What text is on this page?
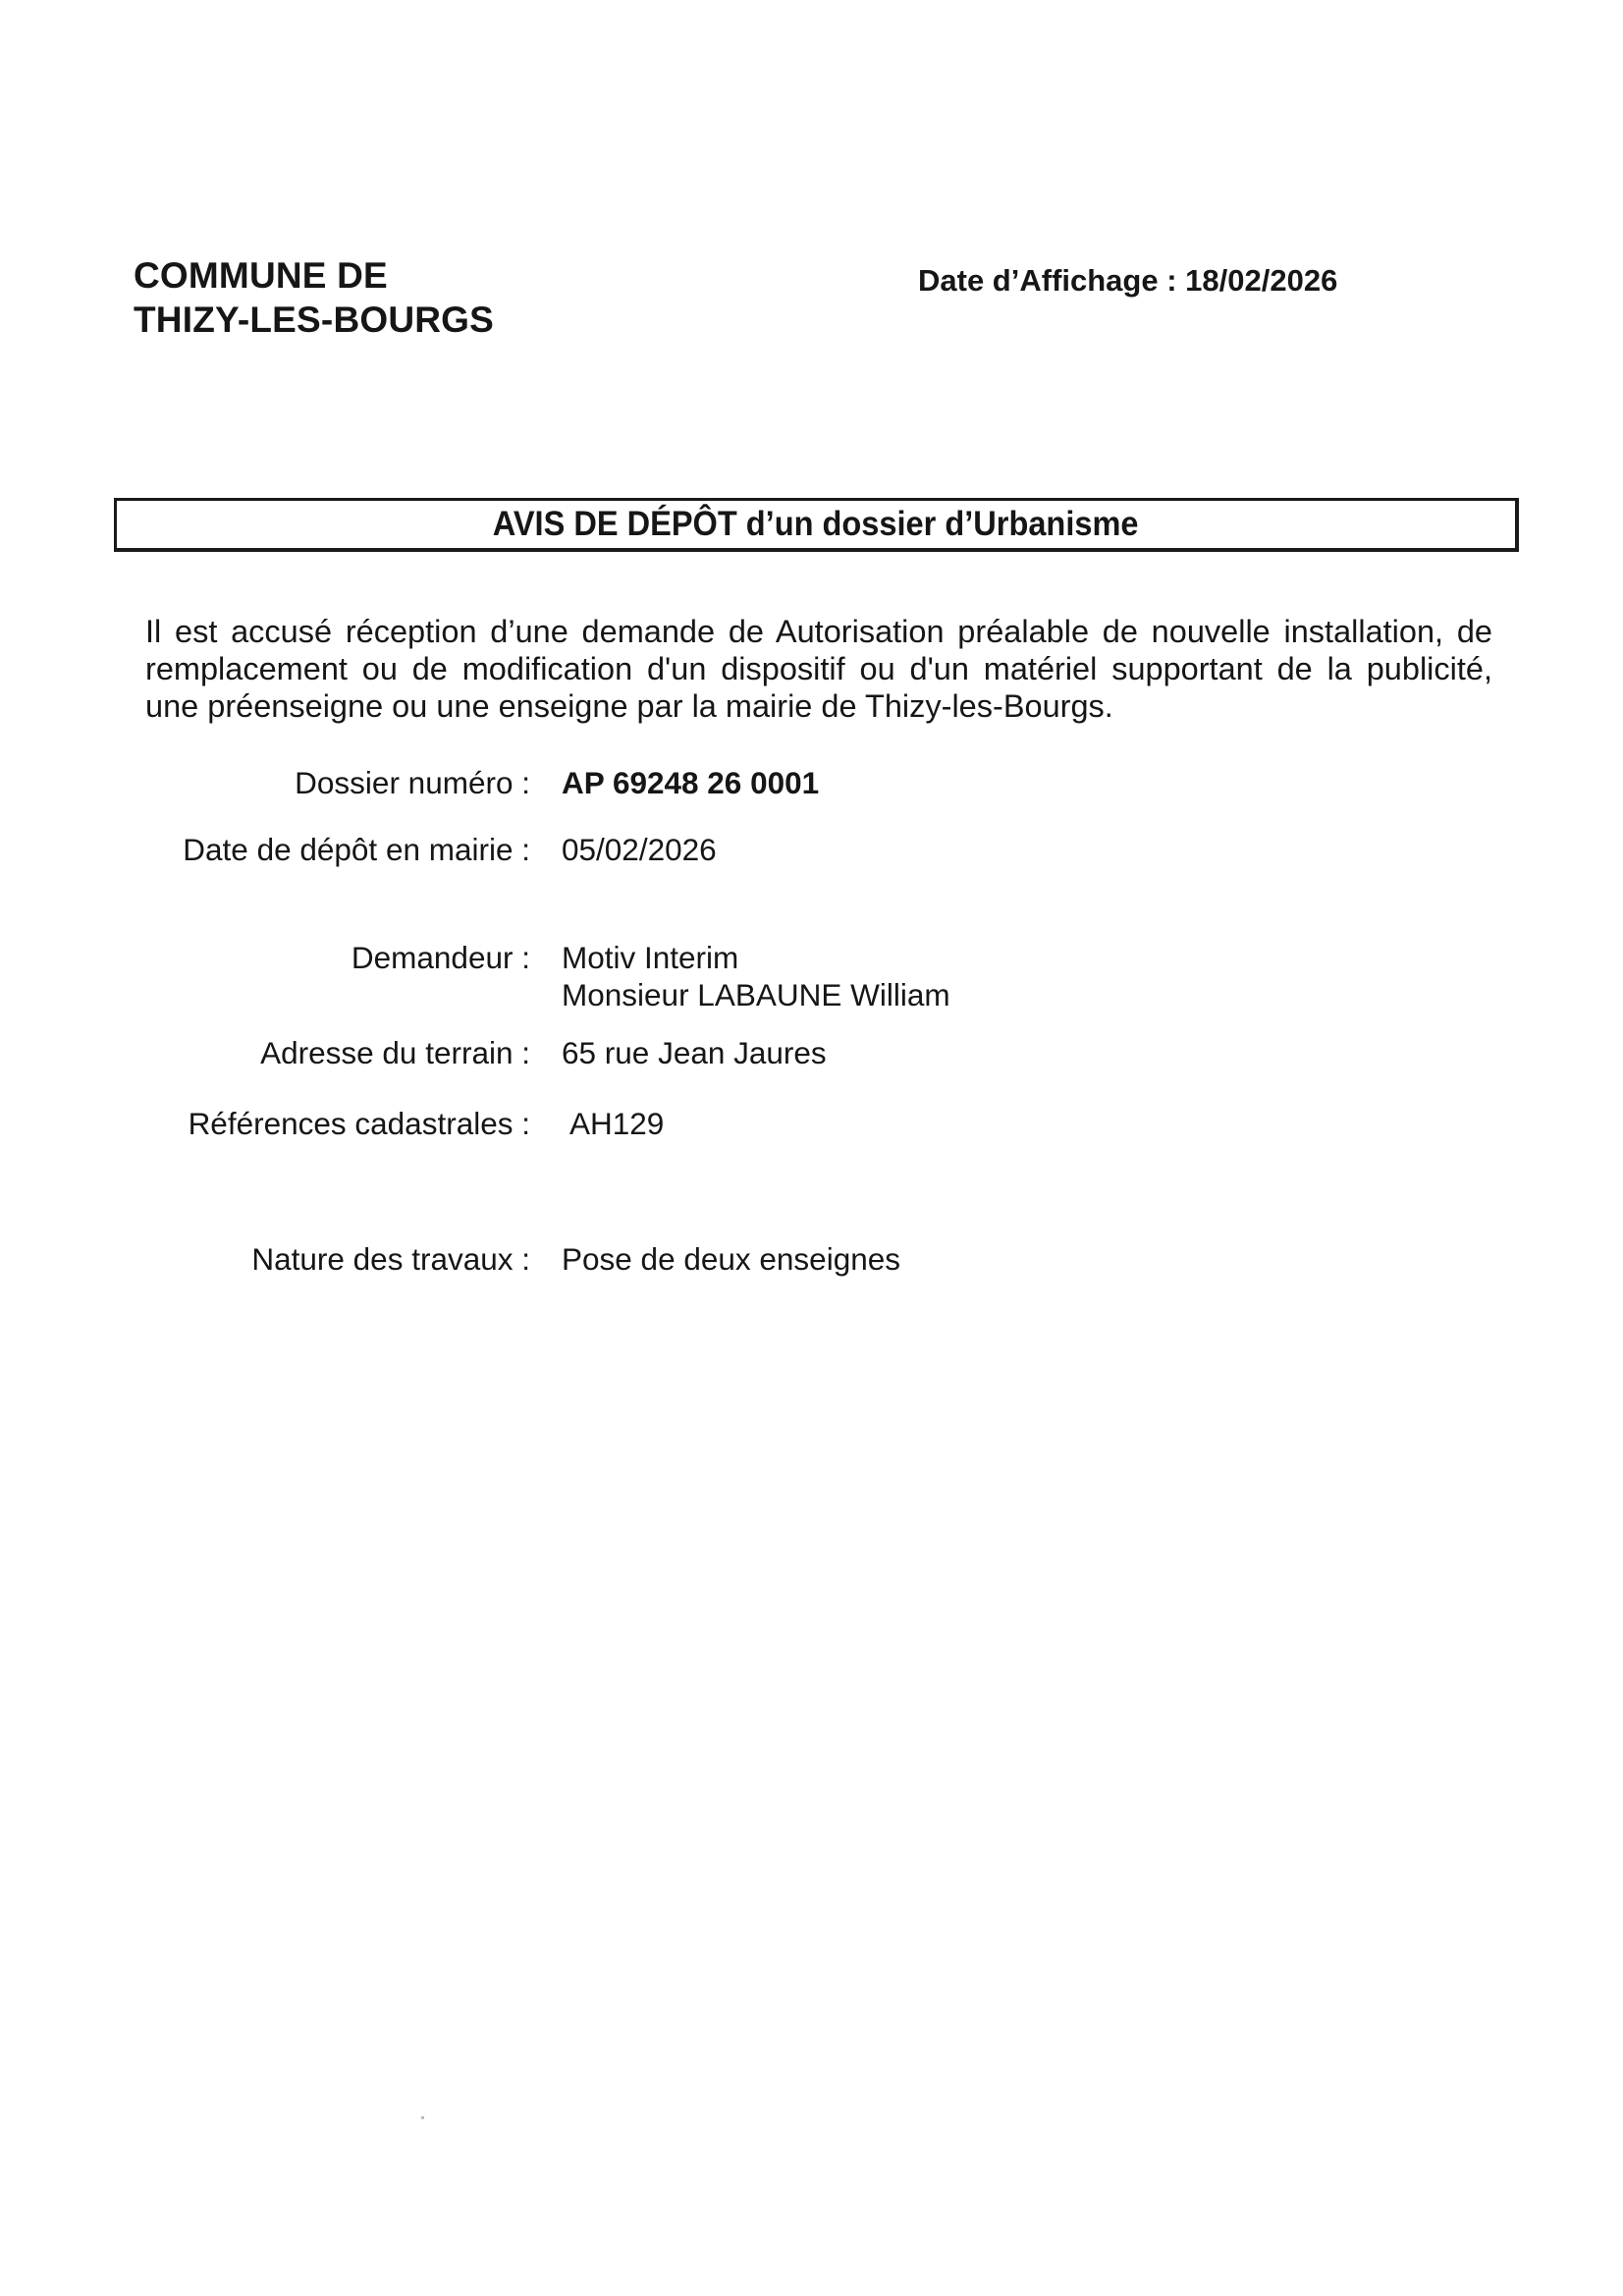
COMMUNE DE
THIZY-LES-BOURGS
Date d’Affichage : 18/02/2026
AVIS DE DÉPÔT d’un dossier d’Urbanisme
Il est accusé réception d’une demande de Autorisation préalable de nouvelle installation, de
remplacement ou de modification d'un dispositif ou d'un matériel supportant de la publicité,
une préenseigne ou une enseigne par la mairie de Thizy-les-Bourgs.
Dossier numéro : AP 69248 26 0001
Date de dépôt en mairie : 05/02/2026
Demandeur : Motiv Interim
Monsieur LABAUNE William
Adresse du terrain : 65 rue Jean Jaures
Références cadastrales : AH129
Nature des travaux : Pose de deux enseignes
